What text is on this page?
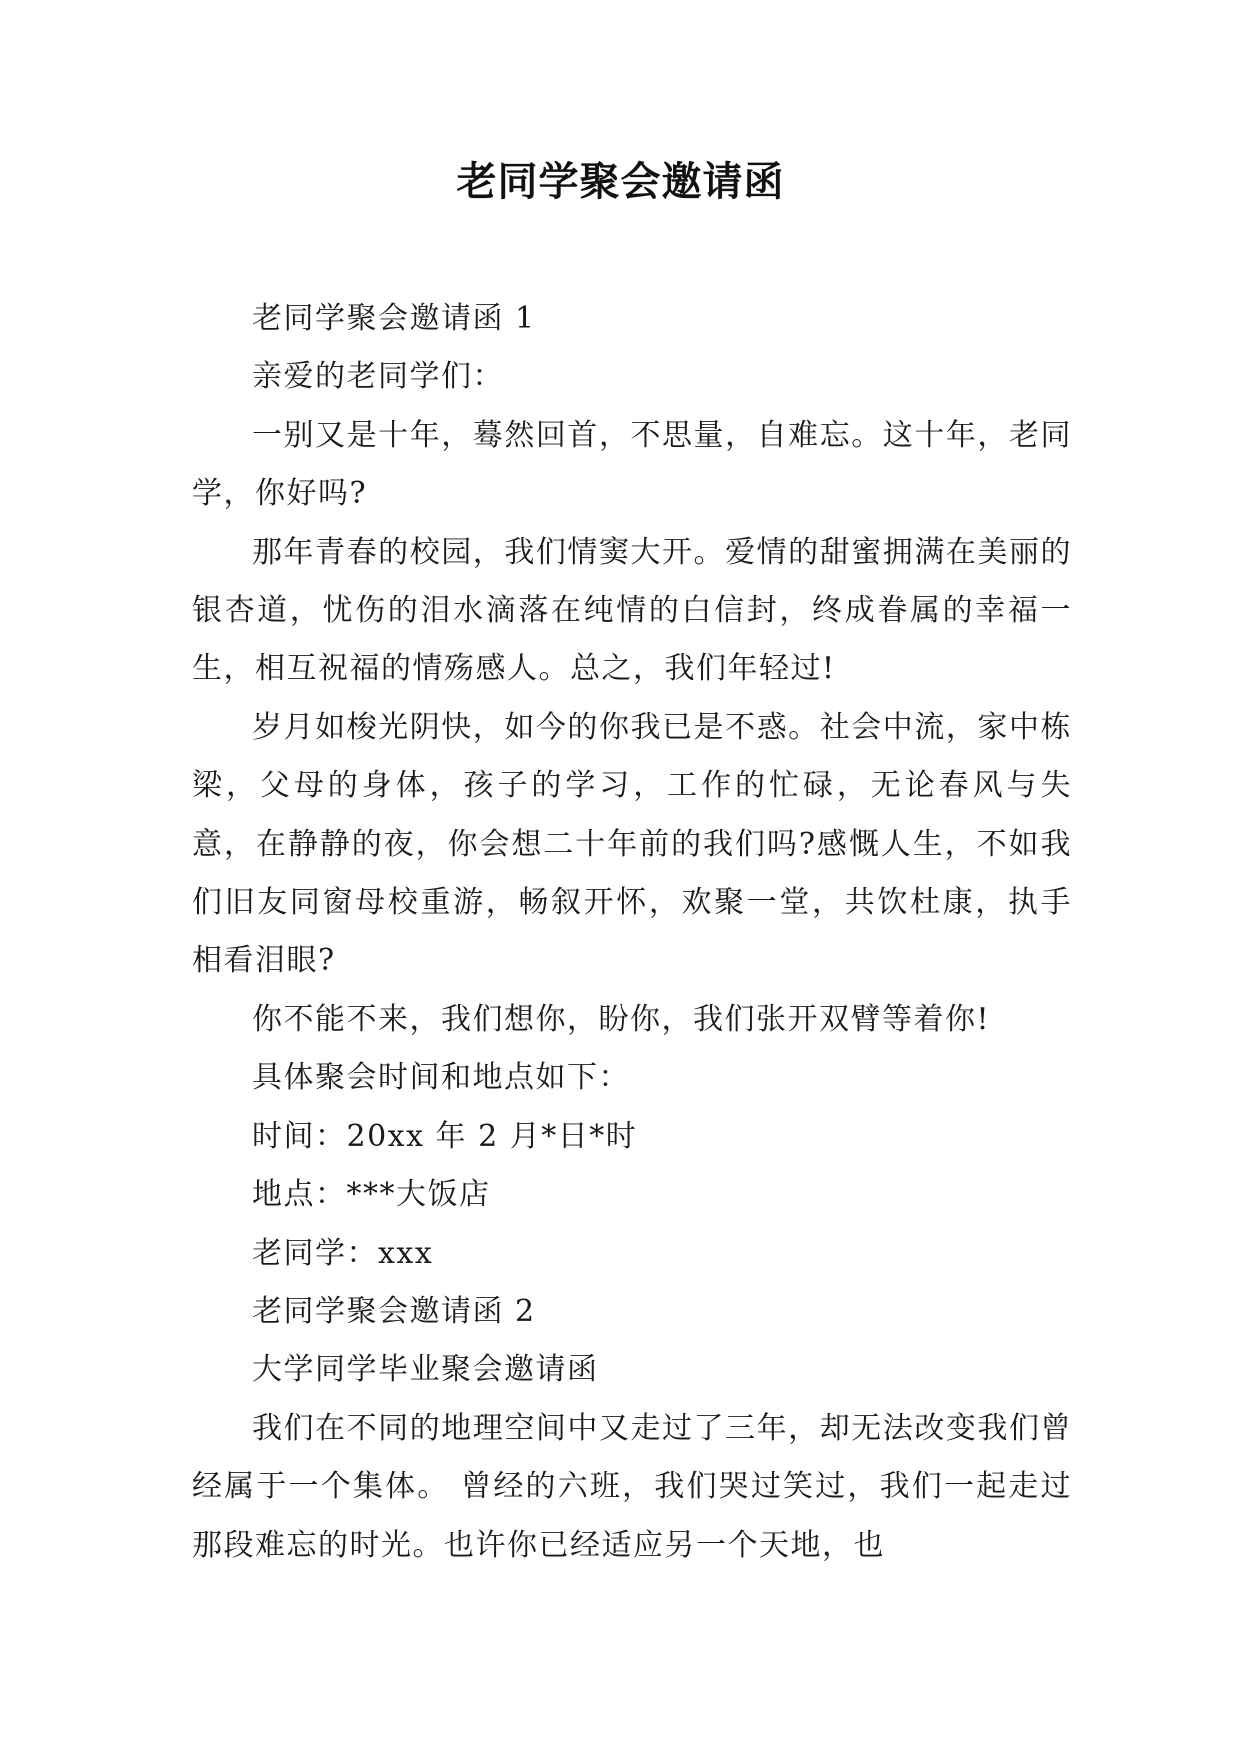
老同学聚会邀请函

老同学聚会邀请函 1

亲爱的老同学们：

一别又是十年，蓦然回首，不思量，自难忘。这十年，老同学，你好吗?

那年青春的校园，我们情窦大开。爱情的甜蜜拥满在美丽的银杏道，忧伤的泪水滴落在纯情的白信封，终成眷属的幸福一生，相互祝福的情殇感人。总之，我们年轻过!

岁月如梭光阴快，如今的你我已是不惑。社会中流，家中栋梁，父母的身体，孩子的学习，工作的忙碌，无论春风与失意，在静静的夜，你会想二十年前的我们吗?感慨人生，不如我们旧友同窗母校重游，畅叙开怀，欢聚一堂，共饮杜康，执手相看泪眼?

你不能不来，我们想你，盼你，我们张开双臂等着你!

具体聚会时间和地点如下：

时间：20xx 年 2 月*日*时

地点：***大饭店

老同学：xxx

老同学聚会邀请函 2

大学同学毕业聚会邀请函

我们在不同的地理空间中又走过了三年，却无法改变我们曾经属于一个集体。 曾经的六班，我们哭过笑过，我们一起走过那段难忘的时光。也许你已经适应另一个天地，也
